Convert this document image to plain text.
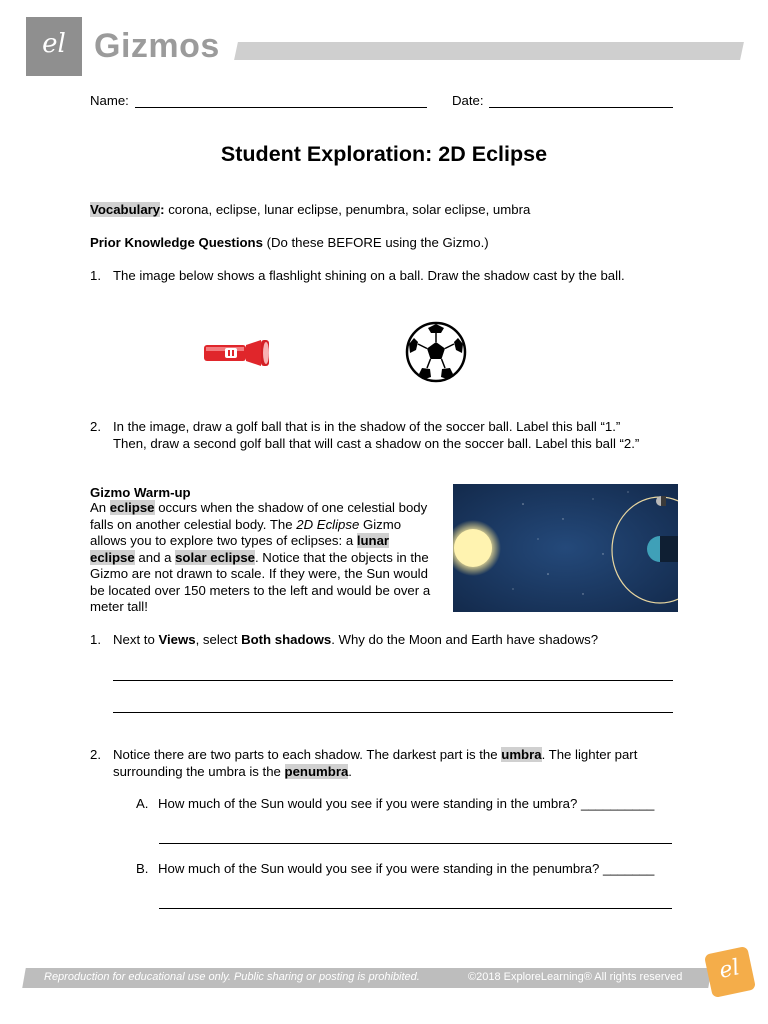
el Gizmos
Name:	Date:
Student Exploration: 2D Eclipse
Vocabulary: corona, eclipse, lunar eclipse, penumbra, solar eclipse, umbra
Prior Knowledge Questions (Do these BEFORE using the Gizmo.)
1. The image below shows a flashlight shining on a ball. Draw the shadow cast by the ball.
2. In the image, draw a golf ball that is in the shadow of the soccer ball. Label this ball “1.”
Then, draw a second golf ball that will cast a shadow on the soccer ball. Label this ball “2.”
Gizmo Warm-up
An eclipse occurs when the shadow of one celestial body falls on another celestial body. The 2D Eclipse Gizmo allows you to explore two types of eclipses: a lunar eclipse and a solar eclipse. Notice that the objects in the Gizmo are not drawn to scale. If they were, the Sun would be located over 150 meters to the left and would be over a meter tall!
1. Next to Views, select Both shadows. Why do the Moon and Earth have shadows?
2. Notice there are two parts to each shadow. The darkest part is the umbra. The lighter part surrounding the umbra is the penumbra.
A. How much of the Sun would you see if you were standing in the umbra? __________
B. How much of the Sun would you see if you were standing in the penumbra? _______
Reproduction for educational use only. Public sharing or posting is prohibited.	©2018 ExploreLearning® All rights reserved	el
